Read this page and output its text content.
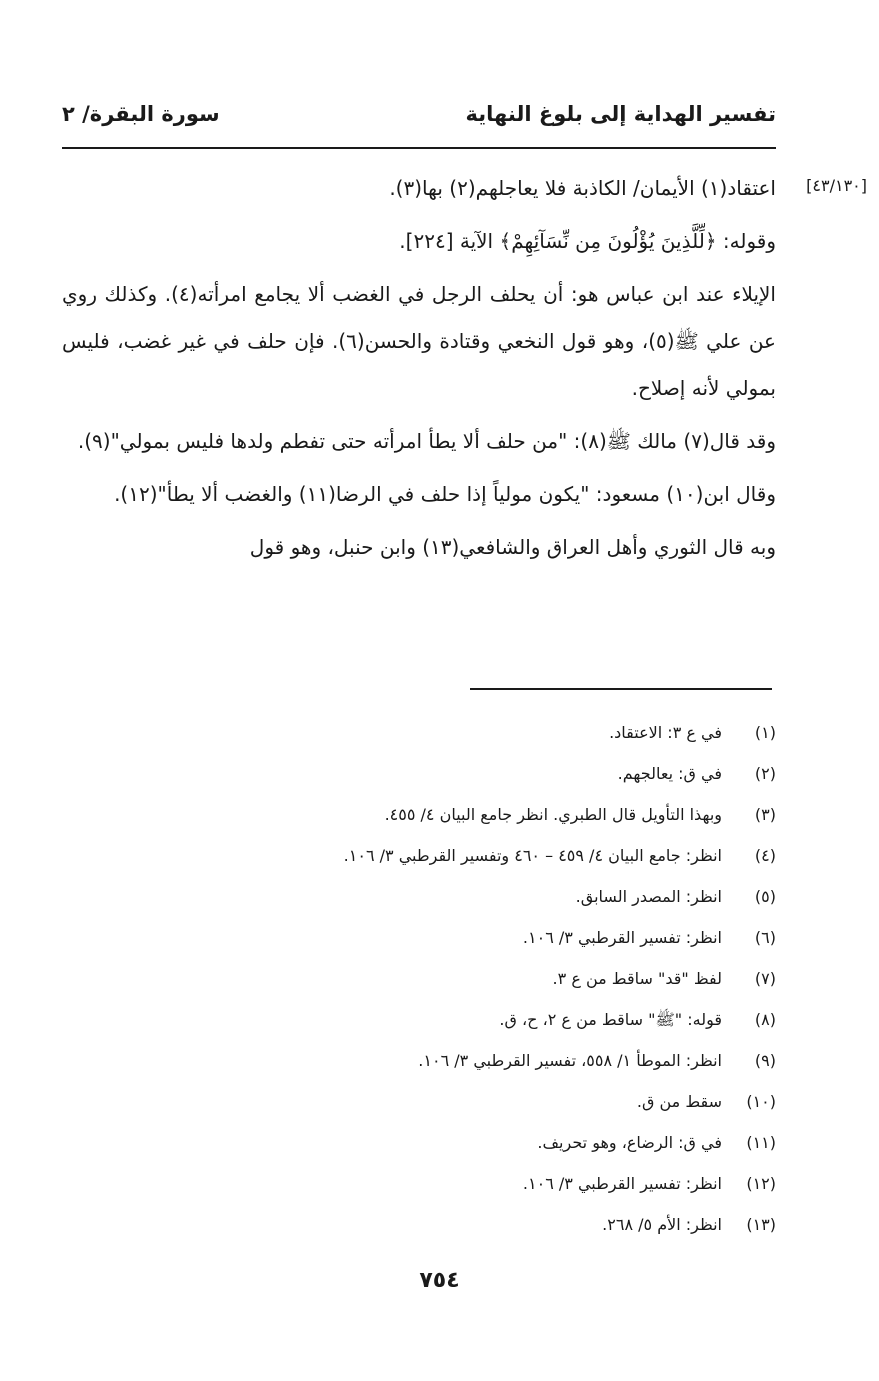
تفسير الهداية إلى بلوغ النهاية
سورة البقرة/ ٢
[٤٣/١٣٠]

اعتقاد(١) الأيمان/ الكاذبة فلا يعاجلهم(٢) بها(٣).

وقوله: ﴿لِّلَّذِينَ يُؤْلُونَ مِن نِّسَآئِهِمْ﴾ الآية [٢٢٤].

الإيلاء عند ابن عباس هو: أن يحلف الرجل في الغضب ألا يجامع امرأته(٤). وكذلك روي عن علي ﷺ(٥)، وهو قول النخعي وقتادة والحسن(٦). فإن حلف في غير غضب، فليس بمولي لأنه إصلاح.

وقد قال(٧) مالك ﷺ(٨): "من حلف ألا يطأ امرأته حتى تفطم ولدها فليس بمولي"(٩).

وقال ابن(١٠) مسعود: "يكون مولياً إذا حلف في الرضا(١١) والغضب ألا يطأ"(١٢).

وبه قال الثوري وأهل العراق والشافعي(١٣) وابن حنبل، وهو قول

(١)في ع ٣: الاعتقاد.
(٢)في ق: يعالجهم.
(٣)وبهذا التأويل قال الطبري. انظر جامع البيان ٤/ ٤٥٥.
(٤)انظر: جامع البيان ٤/ ٤٥٩ – ٤٦٠ وتفسير القرطبي ٣/ ١٠٦.
(٥)انظر: المصدر السابق.
(٦)انظر: تفسير القرطبي ٣/ ١٠٦.
(٧)لفظ "قد" ساقط من ع ٣.
(٨)قوله: "ﷺ" ساقط من ع ٢، ح، ق.
(٩)انظر: الموطأ ١/ ٥٥٨، تفسير القرطبي ٣/ ١٠٦.
(١٠)سقط من ق.
(١١)في ق: الرضاع، وهو تحريف.
(١٢)انظر: تفسير القرطبي ٣/ ١٠٦.
(١٣)انظر: الأم ٥/ ٢٦٨.
٧٥٤
